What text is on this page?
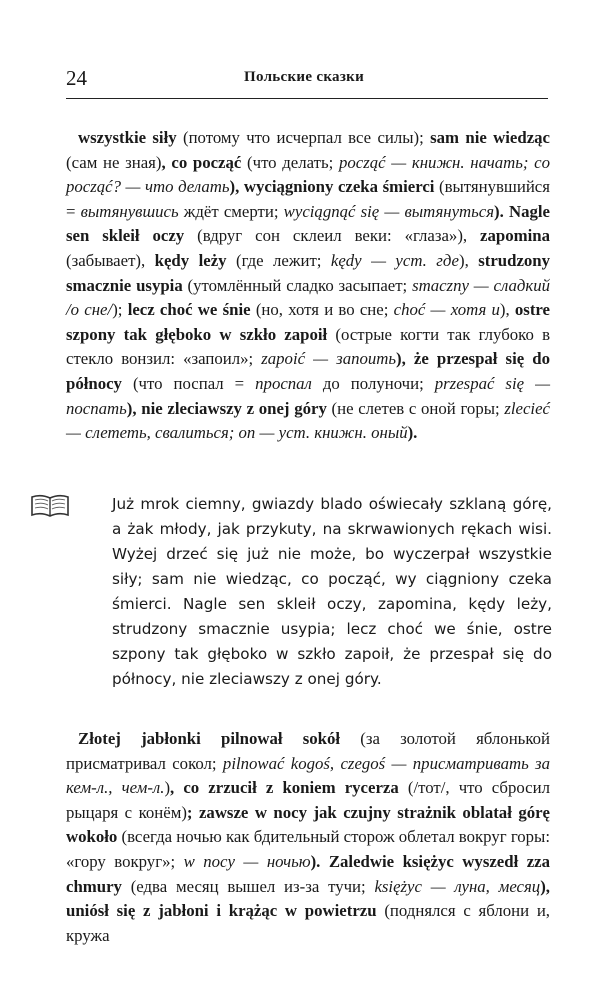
24	Польские сказки

wszystkie siły (потому что исчерпал все силы); sam nie wiedząc (сам не зная), co począć (что делать; począć — книжн. начать; co począć? — что делать), wyciągniony czeka śmierci (вытянувшийся = вытянувшись ждёт смерти; wyciągnąć się — вытянуться). Nagle sen skleił oczy (вдруг сон склеил веки: «глаза»), zapomina (забывает), kędy leży (где лежит; kędy — уст. где), strudzony smacznie usypia (утомлённый сладко засыпает; smaczny — сладкий /о сне/); lecz choć we śnie (но, хотя и во сне; choć — хотя и), ostre szpony tak głęboko w szkło zapoił (острые когти так глубоко в стекло вонзил: «запоил»; zapoić — запоить), że przespał się do północy (что поспал = проспал до полуночи; przespać się — поспать), nie zleciawszy z onej góry (не слетев с оной горы; zlecieć — слететь, свалиться; on — уст. книжн. оный).

Już mrok ciemny, gwiazdy blado oświecały szklaną górę, a żak młody, jak przykuty, na skrwawionych rękach wisi. Wyżej drzeć się już nie może, bo wyczerpał wszystkie siły; sam nie wiedząc, co począć, wy ciągniony czeka śmierci. Nagle sen skleił oczy, zapomina, kędy leży, strudzony smacznie usypia; lecz choć we śnie, ostre szpony tak głęboko w szkło zapoił, że przespał się do północy, nie zleciawszy z onej góry.

Złotej jabłonki pilnował sokół (за золотой яблонькой присматривал сокол; pilnować kogoś, czegoś — присматривать за кем-л., чем-л.), co zrzucił z koniem rycerza (/тот/, что сбросил рыцаря с конём); zawsze w nocy jak czujny strażnik oblatał górę wokoło (всегда ночью как бдительный сторож облетал вокруг горы: «гору вокруг»; w nocy — ночью). Zaledwie księżyc wyszedł zza chmury (едва месяц вышел из-за тучи; księżyc — луна, месяц), uniósł się z jabłoni i krążąc w powietrzu (поднялся с яблони и, кружа
